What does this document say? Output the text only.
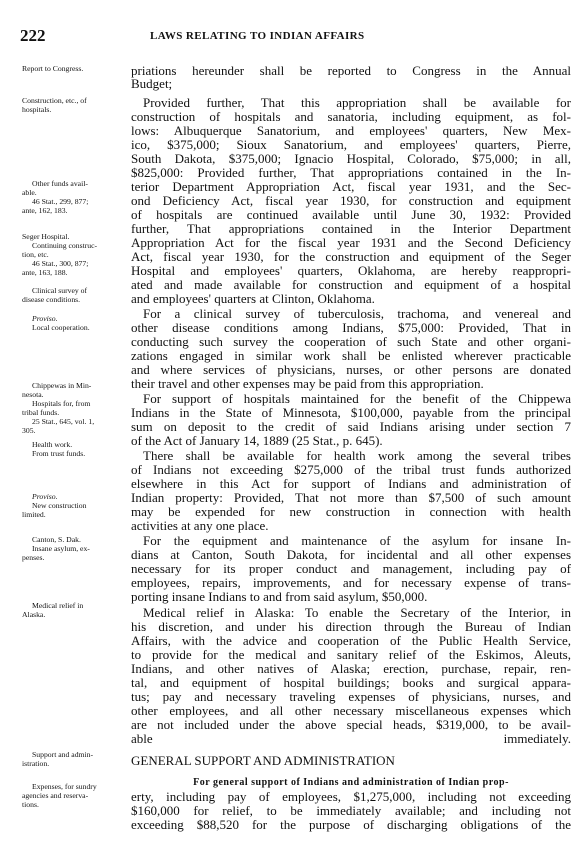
222	LAWS RELATING TO INDIAN AFFAIRS
Report to Congress.
Construction, etc., of
hospitals.
Other funds avail-
able.
46 Stat., 299, 877;
ante, 162, 183.
Seger Hospital.
Continuing construc-
tion, etc.
46 Stat., 300, 877;
ante, 163, 188.
Clinical survey of
disease conditions.
Proviso.
Local cooperation.
Chippewas in Min-
nesota.
Hospitals for, from
tribal funds.
25 Stat., 645, vol. 1,
305.
Health work.
From trust funds.
Proviso.
New construction
limited.
Canton, S. Dak.
Insane asylum, ex-
penses.
Medical relief in
Alaska.
Support and admin-
istration.
Expenses, for sundry
agencies and reserva-
tions.
priations hereunder shall be reported to Congress in the Annual
Budget;
Provided further, That this appropriation shall be available for
construction of hospitals and sanatoria, including equipment, as fol-
lows: Albuquerque Sanatorium, and employees' quarters, New Mex-
ico, $375,000; Sioux Sanatorium, and employees' quarters, Pierre,
South Dakota, $375,000; Ignacio Hospital, Colorado, $75,000; in all,
$825,000: Provided further, That appropriations contained in the In-
terior Department Appropriation Act, fiscal year 1931, and the Sec-
ond Deficiency Act, fiscal year 1930, for construction and equipment
of hospitals are continued available until June 30, 1932: Provided
further, That appropriations contained in the Interior Department
Appropriation Act for the fiscal year 1931 and the Second Deficiency
Act, fiscal year 1930, for the construction and equipment of the Seger
Hospital and employees' quarters, Oklahoma, are hereby reappropri-
ated and made available for construction and equipment of a hospital
and employees' quarters at Clinton, Oklahoma.
For a clinical survey of tuberculosis, trachoma, and venereal and
other disease conditions among Indians, $75,000: Provided, That in
conducting such survey the cooperation of such State and other organi-
zations engaged in similar work shall be enlisted wherever practicable
and where services of physicians, nurses, or other persons are donated
their travel and other expenses may be paid from this appropriation.
For support of hospitals maintained for the benefit of the Chippewa
Indians in the State of Minnesota, $100,000, payable from the principal
sum on deposit to the credit of said Indians arising under section 7
of the Act of January 14, 1889 (25 Stat., p. 645).
There shall be available for health work among the several tribes
of Indians not exceeding $275,000 of the tribal trust funds authorized
elsewhere in this Act for support of Indians and administration of
Indian property: Provided, That not more than $7,500 of such amount
may be expended for new construction in connection with health
activities at any one place.
For the equipment and maintenance of the asylum for insane In-
dians at Canton, South Dakota, for incidental and all other expenses
necessary for its proper conduct and management, including pay of
employees, repairs, improvements, and for necessary expense of trans-
porting insane Indians to and from said asylum, $50,000.
Medical relief in Alaska: To enable the Secretary of the Interior, in
his discretion, and under his direction through the Bureau of Indian
Affairs, with the advice and cooperation of the Public Health Service,
to provide for the medical and sanitary relief of the Eskimos, Aleuts,
Indians, and other natives of Alaska; erection, purchase, repair, ren-
tal, and equipment of hospital buildings; books and surgical appara-
tus; pay and necessary traveling expenses of physicians, nurses, and
other employees, and all other necessary miscellaneous expenses which
are not included under the above special heads, $319,000, to be avail-
able immediately.
GENERAL SUPPORT AND ADMINISTRATION
For general support of Indians and administration of Indian prop-
erty, including pay of employees, $1,275,000, including not exceeding
$160,000 for relief, to be immediately available; and including not
exceeding $88,520 for the purpose of discharging obligations of the
